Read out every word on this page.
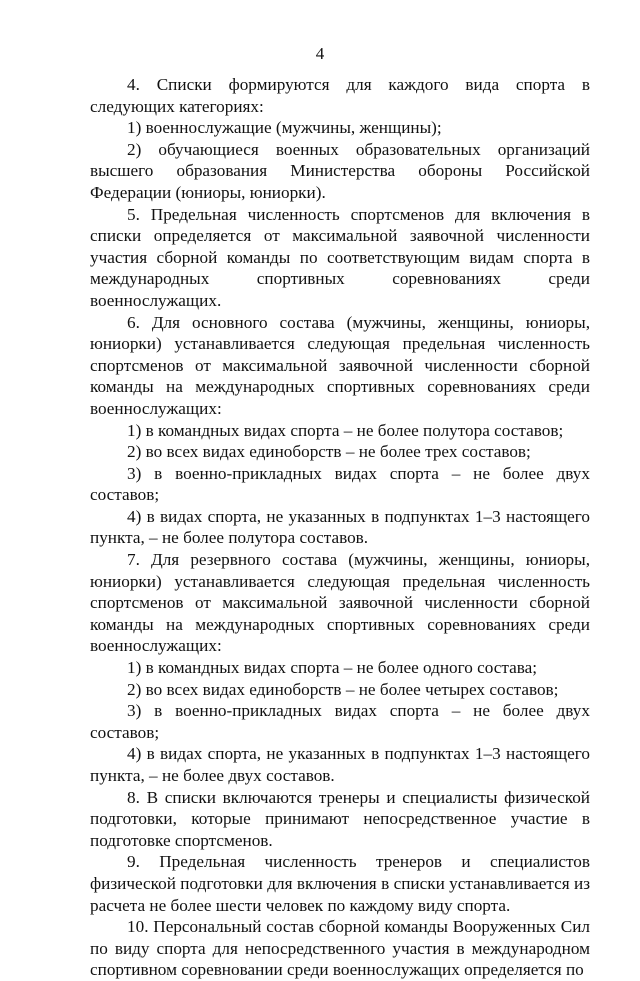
4

4. Списки формируются для каждого вида спорта в следующих категориях:

1) военнослужащие (мужчины, женщины);

2) обучающиеся военных образовательных организаций высшего образования Министерства обороны Российской Федерации (юниоры, юниорки).

5. Предельная численность спортсменов для включения в списки определяется от максимальной заявочной численности участия сборной команды по соответствующим видам спорта в международных спортивных соревнованиях среди военнослужащих.

6. Для основного состава (мужчины, женщины, юниоры, юниорки) устанавливается следующая предельная численность спортсменов от максимальной заявочной численности сборной команды на международных спортивных соревнованиях среди военнослужащих:

1) в командных видах спорта – не более полутора составов;

2) во всех видах единоборств – не более трех составов;

3) в военно-прикладных видах спорта – не более двух составов;

4) в видах спорта, не указанных в подпунктах 1–3 настоящего пункта, – не более полутора составов.

7. Для резервного состава (мужчины, женщины, юниоры, юниорки) устанавливается следующая предельная численность спортсменов от максимальной заявочной численности сборной команды на международных спортивных соревнованиях среди военнослужащих:

1) в командных видах спорта – не более одного состава;

2) во всех видах единоборств – не более четырех составов;

3) в военно-прикладных видах спорта – не более двух составов;

4) в видах спорта, не указанных в подпунктах 1–3 настоящего пункта, – не более двух составов.

8. В списки включаются тренеры и специалисты физической подготовки, которые принимают непосредственное участие в подготовке спортсменов.

9. Предельная численность тренеров и специалистов физической подготовки для включения в списки устанавливается из расчета не более шести человек по каждому виду спорта.

10. Персональный состав сборной команды Вооруженных Сил по виду спорта для непосредственного участия в международном спортивном соревновании среди военнослужащих определяется по
